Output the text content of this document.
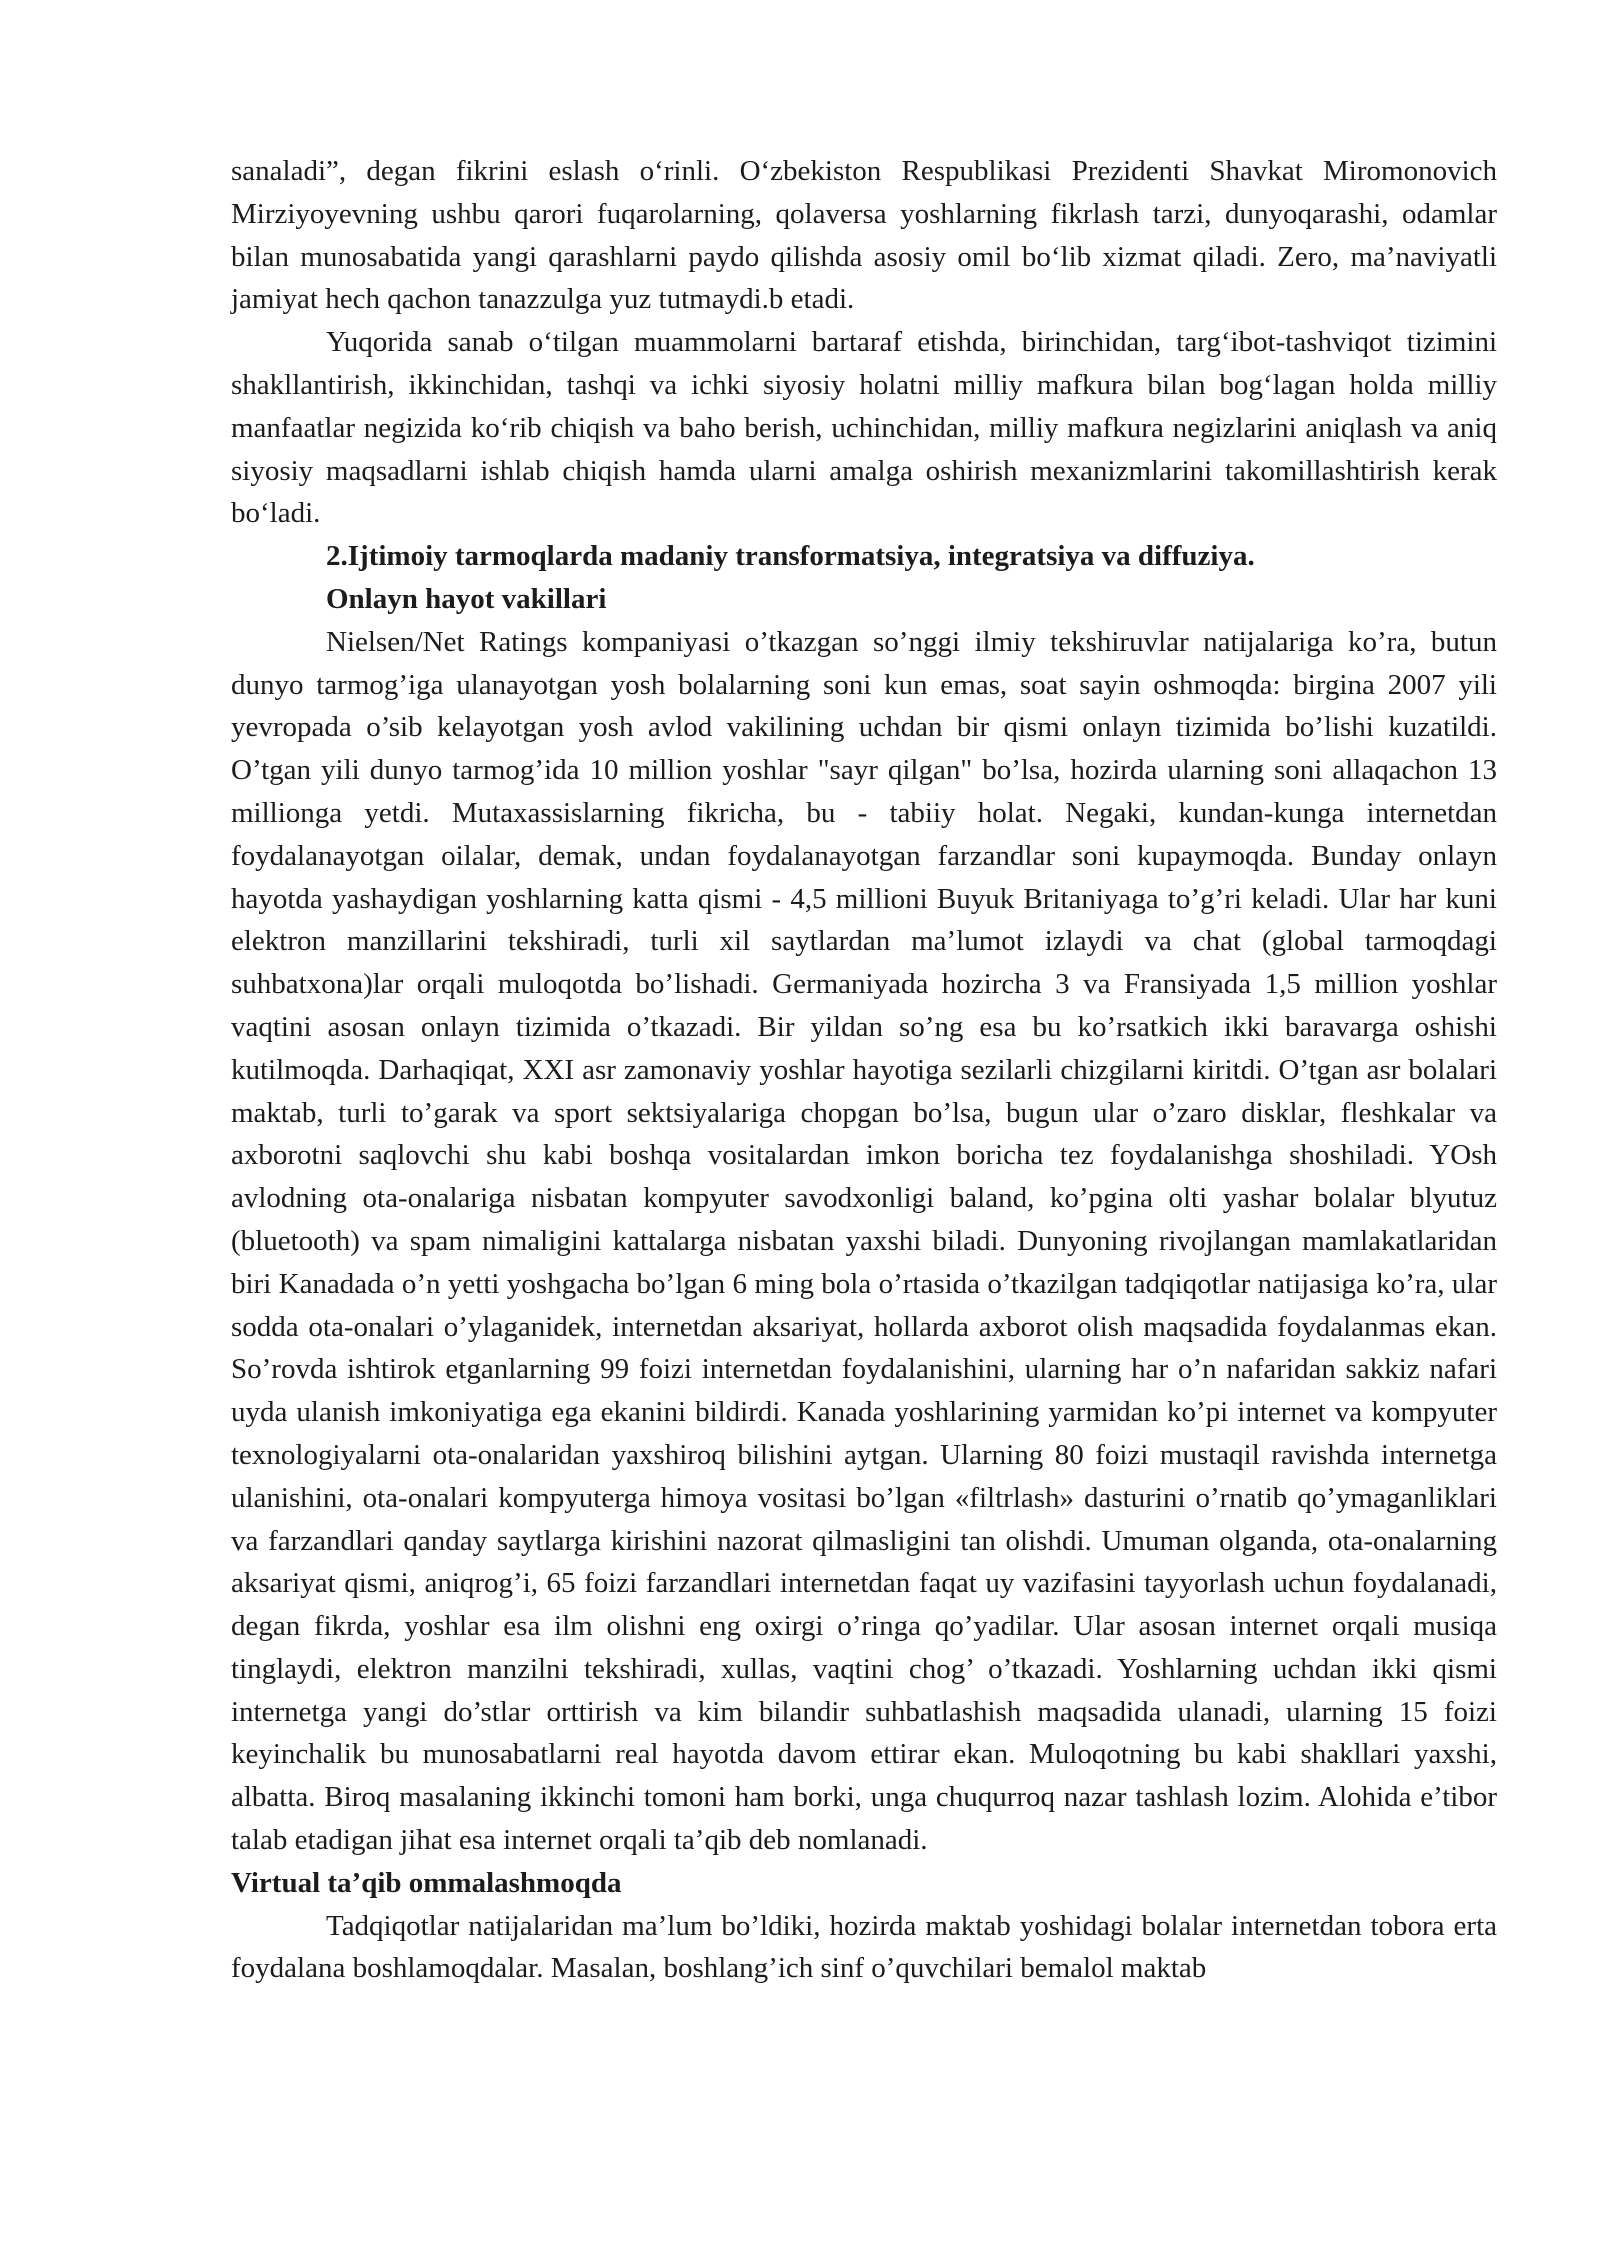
sanaladi”, degan fikrini eslash o‘rinli. O‘zbekiston Respublikasi Prezidenti Shavkat Miromonovich Mirziyoyevning ushbu qarori fuqarolarning, qolaversa yoshlarning fikrlash tarzi, dunyoqarashi, odamlar bilan munosabatida yangi qarashlarni paydo qilishda asosiy omil bo‘lib xizmat qiladi. Zero, ma’naviyatli jamiyat hech qachon tanazzulga yuz tutmaydi.b etadi.

Yuqorida sanab o‘tilgan muammolarni bartaraf etishda, birinchidan, targ‘ibot-tashviqot tizimini shakllantirish, ikkinchidan, tashqi va ichki siyosiy holatni milliy mafkura bilan bog‘lagan holda milliy manfaatlar negizida ko‘rib chiqish va baho berish, uchinchidan, milliy mafkura negizlarini aniqlash va aniq siyosiy maqsadlarni ishlab chiqish hamda ularni amalga oshirish mexanizmlarini takomillashtirish kerak bo‘ladi.

2.Ijtimoiy tarmoqlarda madaniy transformatsiya, integratsiya va diffuziya.

Onlayn hayot vakillari

Nielsen/Net Ratings kompaniyasi o’tkazgan so’nggi ilmiy tekshiruvlar natijalariga ko’ra, butun dunyo tarmog’iga ulanayotgan yosh bolalarning soni kun emas, soat sayin oshmoqda: birgina 2007 yili yevropada o’sib kelayotgan yosh avlod vakilining uchdan bir qismi onlayn tizimida bo’lishi kuzatildi. O’tgan yili dunyo tarmog’ida 10 million yoshlar "sayr qilgan" bo’lsa, hozirda ularning soni allaqachon 13 millionga yetdi. Mutaxassislarning fikricha, bu - tabiiy holat. Negaki, kundan-kunga internetdan foydalanayotgan oilalar, demak, undan foydalanayotgan farzandlar soni kupaymoqda. Bunday onlayn hayotda yashaydigan yoshlarning katta qismi - 4,5 millioni Buyuk Britaniyaga to’g’ri keladi. Ular har kuni elektron manzillarini tekshiradi, turli xil saytlardan ma’lumot izlaydi va chat (global tarmoqdagi suhbatxona)lar orqali muloqotda bo’lishadi. Germaniyada hozircha 3 va Fransiyada 1,5 million yoshlar vaqtini asosan onlayn tizimida o’tkazadi. Bir yildan so’ng esa bu ko’rsatkich ikki baravarga oshishi kutilmoqda. Darhaqiqat, XXI asr zamonaviy yoshlar hayotiga sezilarli chizgilarni kiritdi. O’tgan asr bolalari maktab, turli to’garak va sport sektsiyalariga chopgan bo’lsa, bugun ular o’zaro disklar, fleshkalar va axborotni saqlovchi shu kabi boshqa vositalardan imkon boricha tez foydalanishga shoshiladi. YOsh avlodning ota-onalariga nisbatan kompyuter savodxonligi baland, ko’pgina olti yashar bolalar blyutuz (bluetooth) va spam nimaligini kattalarga nisbatan yaxshi biladi. Dunyoning rivojlangan mamlakatlaridan biri Kanadada o’n yetti yoshgacha bo’lgan 6 ming bola o’rtasida o’tkazilgan tadqiqotlar natijasiga ko’ra, ular sodda ota-onalari o’ylaganidek, internetdan aksariyat, hollarda axborot olish maqsadida foydalanmas ekan. So’rovda ishtirok etganlarning 99 foizi internetdan foydalanishini, ularning har o’n nafaridan sakkiz nafari uyda ulanish imkoniyatiga ega ekanini bildirdi. Kanada yoshlarining yarmidan ko’pi internet va kompyuter texnologiyalarni ota-onalaridan yaxshiroq bilishini aytgan. Ularning 80 foizi mustaqil ravishda internetga ulanishini, ota-onalari kompyuterga himoya vositasi bo’lgan «filtrlash» dasturini o’rnatib qo’ymaganliklari va farzandlari qanday saytlarga kirishini nazorat qilmasligini tan olishdi. Umuman olganda, ota-onalarning aksariyat qismi, aniqrog’i, 65 foizi farzandlari internetdan faqat uy vazifasini tayyorlash uchun foydalanadi, degan fikrda, yoshlar esa ilm olishni eng oxirgi o’ringa qo’yadilar. Ular asosan internet orqali musiqa tinglaydi, elektron manzilni tekshiradi, xullas, vaqtini chog’ o’tkazadi. Yoshlarning uchdan ikki qismi internetga yangi do’stlar orttirish va kim bilandir suhbatlashish maqsadida ulanadi, ularning 15 foizi keyinchalik bu munosabatlarni real hayotda davom ettirar ekan. Muloqotning bu kabi shakllari yaxshi, albatta. Biroq masalaning ikkinchi tomoni ham borki, unga chuqurroq nazar tashlash lozim. Alohida e’tibor talab etadigan jihat esa internet orqali ta’qib deb nomlanadi.

Virtual ta’qib ommalashmoqda

Tadqiqotlar natijalaridan ma’lum bo’ldiki, hozirda maktab yoshidagi bolalar internetdan tobora erta foydalana boshlamoqdalar. Masalan, boshlang’ich sinf o’quvchilari bemalol maktab
